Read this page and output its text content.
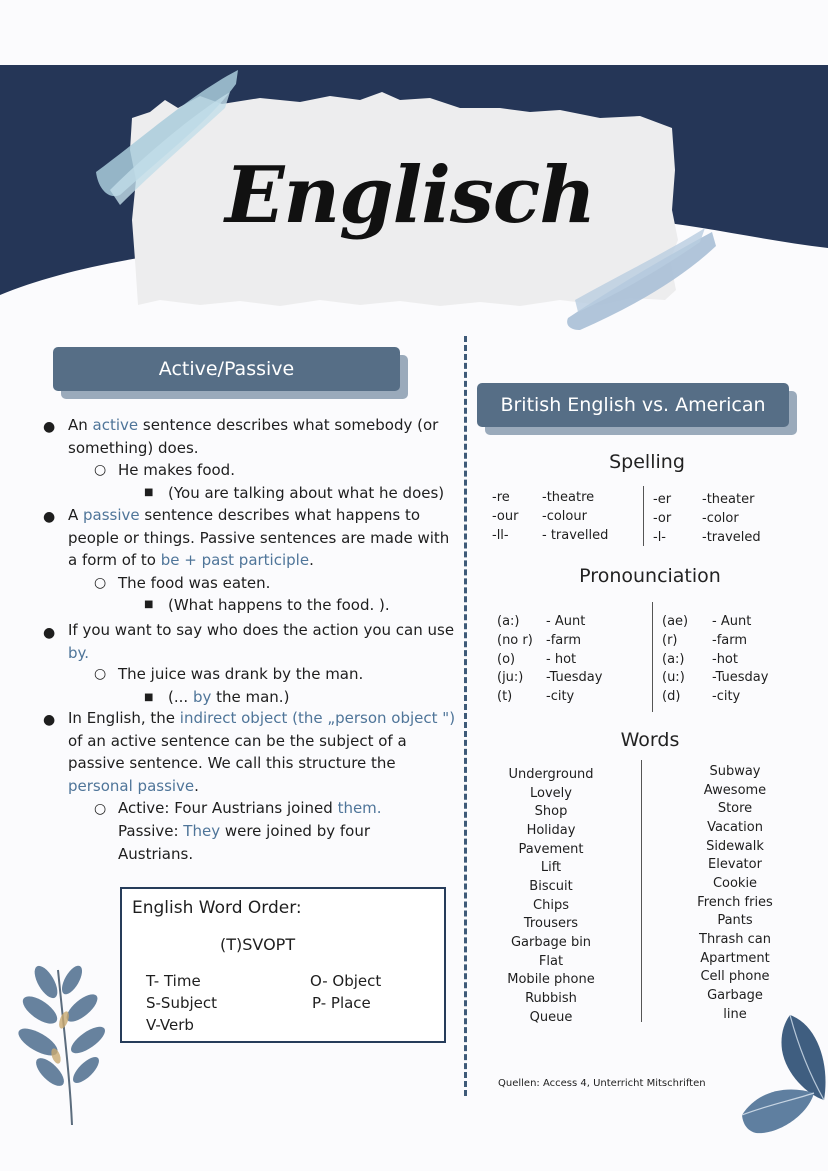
Englisch
Active/Passive
● An active sentence describes what somebody (or
something) does.
○ He makes food.
■ (You are talking about what he does)
● A passive sentence describes what happens to
people or things. Passive sentences are made with
a form of to be + past participle.
○ The food was eaten.
■ (What happens to the food. ).
● If you want to say who does the action you can use
by.
○ The juice was drank by the man.
■ (... by the man.)
● In English, the indirect object (the „person object ")
of an active sentence can be the subject of a
passive sentence. We call this structure the
personal passive.
○ Active: Four Austrians joined them.
Passive: They were joined by four
Austrians.
English Word Order:
(T)SVOPT
T- Time
S-Subject
V-Verb
O- Object
P- Place
British English vs. American
Spelling
-re
-our
-ll-
-theatre
-colour
- travelled
-er
-or
-l-
-theater
-color
-traveled
Pronounciation
(a:)
(no r)
(o)
(ju:)
(t)
- Aunt
-farm
- hot
-Tuesday
-city
(ae)
(r)
(a:)
(u:)
(d)
- Aunt
-farm
-hot
-Tuesday
-city
Words
Underground
Lovely
Shop
Holiday
Pavement
Lift
Biscuit
Chips
Trousers
Garbage bin
Flat
Mobile phone
Rubbish
Queue
Subway
Awesome
Store
Vacation
Sidewalk
Elevator
Cookie
French fries
Pants
Thrash can
Apartment
Cell phone
Garbage
line
Quellen: Access 4, Unterricht Mitschriften
